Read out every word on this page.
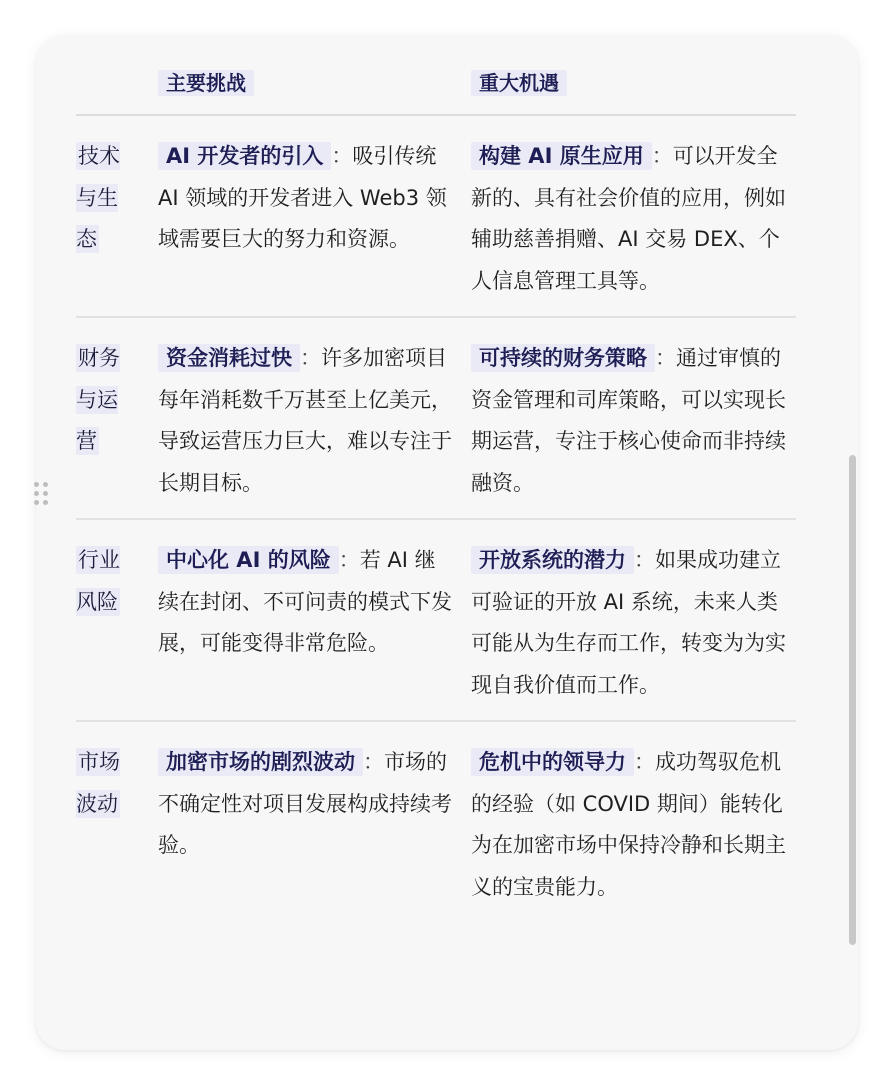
	主要挑战	重大机遇
技术与生态	AI 开发者的引入 ：吸引传统 AI 领域的开发者进入 Web3 领域需要巨大的努力和资源。	构建 AI 原生应用 ：可以开发全新的、具有社会价值的应用，例如辅助慈善捐赠、AI 交易 DEX、个人信息管理工具等。
财务与运营	资金消耗过快 ：许多加密项目每年消耗数千万甚至上亿美元，导致运营压力巨大，难以专注于长期目标。	可持续的财务策略 ：通过审慎的资金管理和司库策略，可以实现长期运营，专注于核心使命而非持续融资。
行业风险	中心化 AI 的风险 ：若 AI 继续在封闭、不可问责的模式下发展，可能变得非常危险。	开放系统的潜力 ：如果成功建立可验证的开放 AI 系统，未来人类可能从为生存而工作，转变为为实现自我价值而工作。
市场波动	加密市场的剧烈波动 ：市场的不确定性对项目发展构成持续考验。	危机中的领导力 ：成功驾驭危机的经验（如 COVID 期间）能转化为在加密市场中保持冷静和长期主义的宝贵能力。
